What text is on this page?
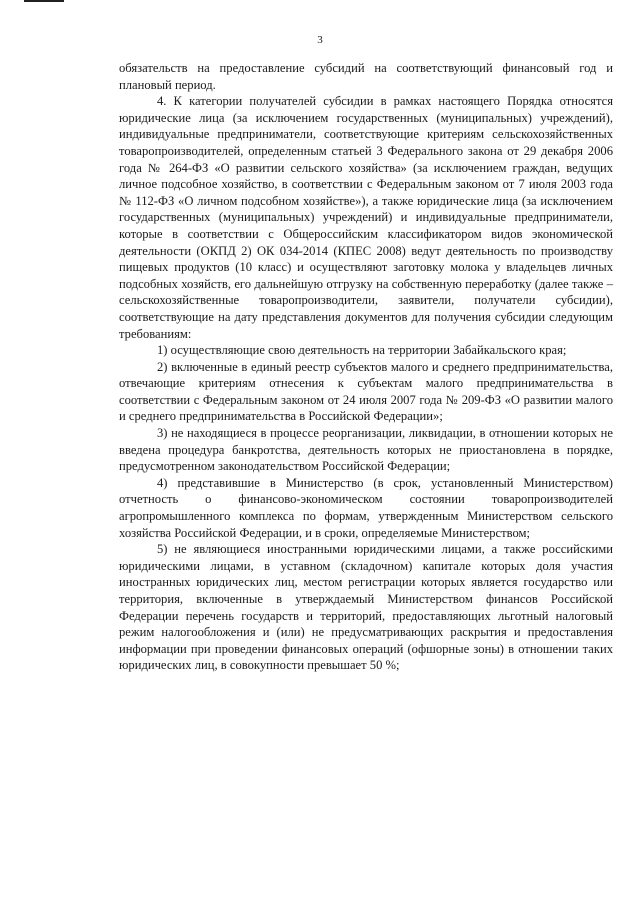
3

обязательств на предоставление субсидий на соответствующий финансовый год и плановый период.

4. К категории получателей субсидии в рамках настоящего Порядка относятся юридические лица (за исключением государственных (муниципальных) учреждений), индивидуальные предприниматели, соответствующие критериям сельскохозяйственных товаропроизводителей, определенным статьей 3 Федерального закона от 29 декабря 2006 года № 264-ФЗ «О развитии сельского хозяйства» (за исключением граждан, ведущих личное подсобное хозяйство, в соответствии с Федеральным законом от 7 июля 2003 года № 112-ФЗ «О личном подсобном хозяйстве»), а также юридические лица (за исключением государственных (муниципальных) учреждений) и индивидуальные предприниматели, которые в соответствии с Общероссийским классификатором видов экономической деятельности (ОКПД 2) ОК 034-2014 (КПЕС 2008) ведут деятельность по производству пищевых продуктов (10 класс) и осуществляют заготовку молока у владельцев личных подсобных хозяйств, его дальнейшую отгрузку на собственную переработку (далее также – сельскохозяйственные товаропроизводители, заявители, получатели субсидии), соответствующие на дату представления документов для получения субсидии следующим требованиям:

1) осуществляющие свою деятельность на территории Забайкальского края;

2) включенные в единый реестр субъектов малого и среднего предпринимательства, отвечающие критериям отнесения к субъектам малого предпринимательства в соответствии с Федеральным законом от 24 июля 2007 года № 209-ФЗ «О развитии малого и среднего предпринимательства в Российской Федерации»;

3) не находящиеся в процессе реорганизации, ликвидации, в отношении которых не введена процедура банкротства, деятельность которых не приостановлена в порядке, предусмотренном законодательством Российской Федерации;

4) представившие в Министерство (в срок, установленный Министерством) отчетность о финансово-экономическом состоянии товаропроизводителей агропромышленного комплекса по формам, утвержденным Министерством сельского хозяйства Российской Федерации, и в сроки, определяемые Министерством;

5) не являющиеся иностранными юридическими лицами, а также российскими юридическими лицами, в уставном (складочном) капитале которых доля участия иностранных юридических лиц, местом регистрации которых является государство или территория, включенные в утверждаемый Министерством финансов Российской Федерации перечень государств и территорий, предоставляющих льготный налоговый режим налогообложения и (или) не предусматривающих раскрытия и предоставления информации при проведении финансовых операций (офшорные зоны) в отношении таких юридических лиц, в совокупности превышает 50 %;
